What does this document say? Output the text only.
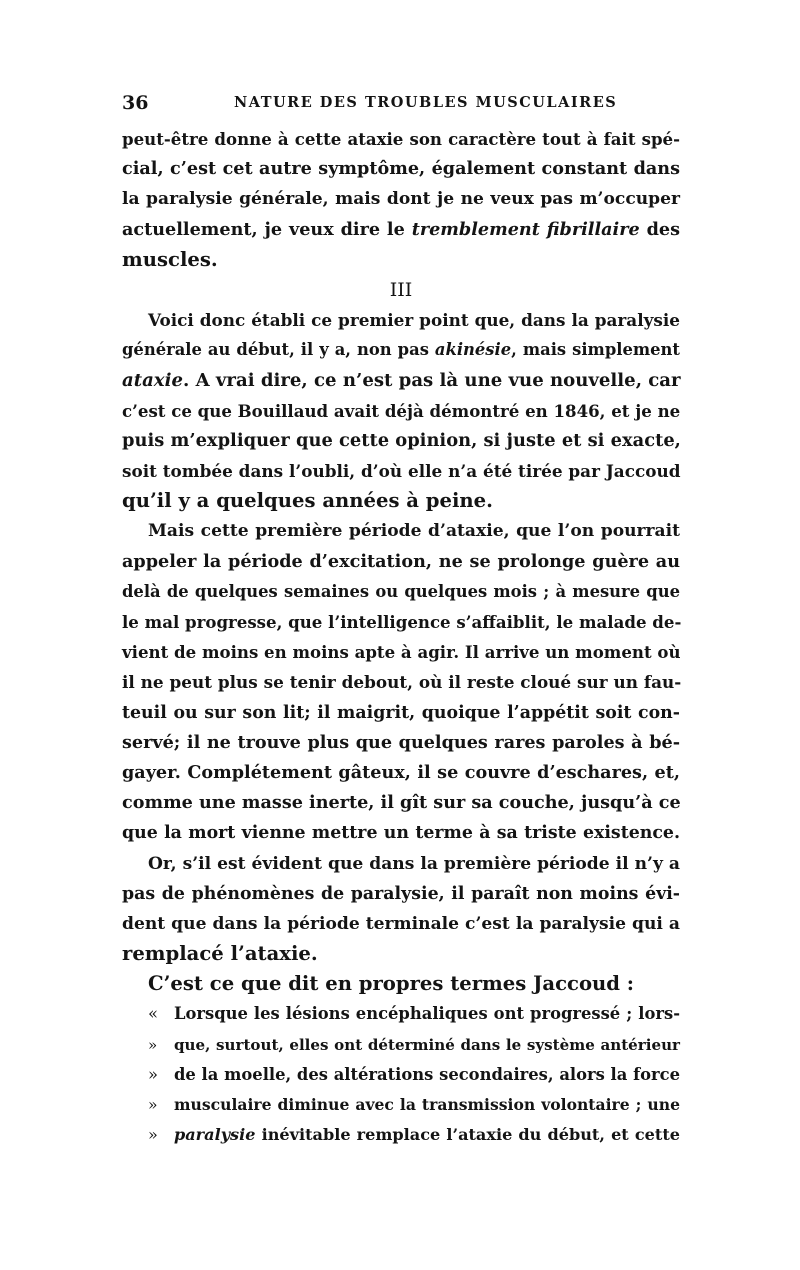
36	NATURE DES TROUBLES MUSCULAIRES
peut-être donne à cette ataxie son caractère tout à fait spé-
cial, c’est cet autre symptôme, également constant dans
la paralysie générale, mais dont je ne veux pas m’occuper
actuellement, je veux dire le tremblement fibrillaire des
muscles.
III
Voici donc établi ce premier point que, dans la paralysie
générale au début, il y a, non pas akinésie, mais simplement
ataxie. A vrai dire, ce n’est pas là une vue nouvelle, car
c’est ce que Bouillaud avait déjà démontré en 1846, et je ne
puis m’expliquer que cette opinion, si juste et si exacte,
soit tombée dans l’oubli, d’où elle n’a été tirée par Jaccoud
qu’il y a quelques années à peine.
Mais cette première période d’ataxie, que l’on pourrait
appeler la période d’excitation, ne se prolonge guère au
delà de quelques semaines ou quelques mois ; à mesure que
le mal progresse, que l’intelligence s’affaiblit, le malade de-
vient de moins en moins apte à agir. Il arrive un moment où
il ne peut plus se tenir debout, où il reste cloué sur un fau-
teuil ou sur son lit; il maigrit, quoique l’appétit soit con-
servé; il ne trouve plus que quelques rares paroles à bé-
gayer. Complétement gâteux, il se couvre d’eschares, et,
comme une masse inerte, il gît sur sa couche, jusqu’à ce
que la mort vienne mettre un terme à sa triste existence.
Or, s’il est évident que dans la première période il n’y a
pas de phénomènes de paralysie, il paraît non moins évi-
dent que dans la période terminale c’est la paralysie qui a
remplacé l’ataxie.
C’est ce que dit en propres termes Jaccoud :
« Lorsque les lésions encéphaliques ont progressé ; lors-
» que, surtout, elles ont déterminé dans le système antérieur
» de la moelle, des altérations secondaires, alors la force
» musculaire diminue avec la transmission volontaire ; une
» paralysie inévitable remplace l’ataxie du début, et cette
